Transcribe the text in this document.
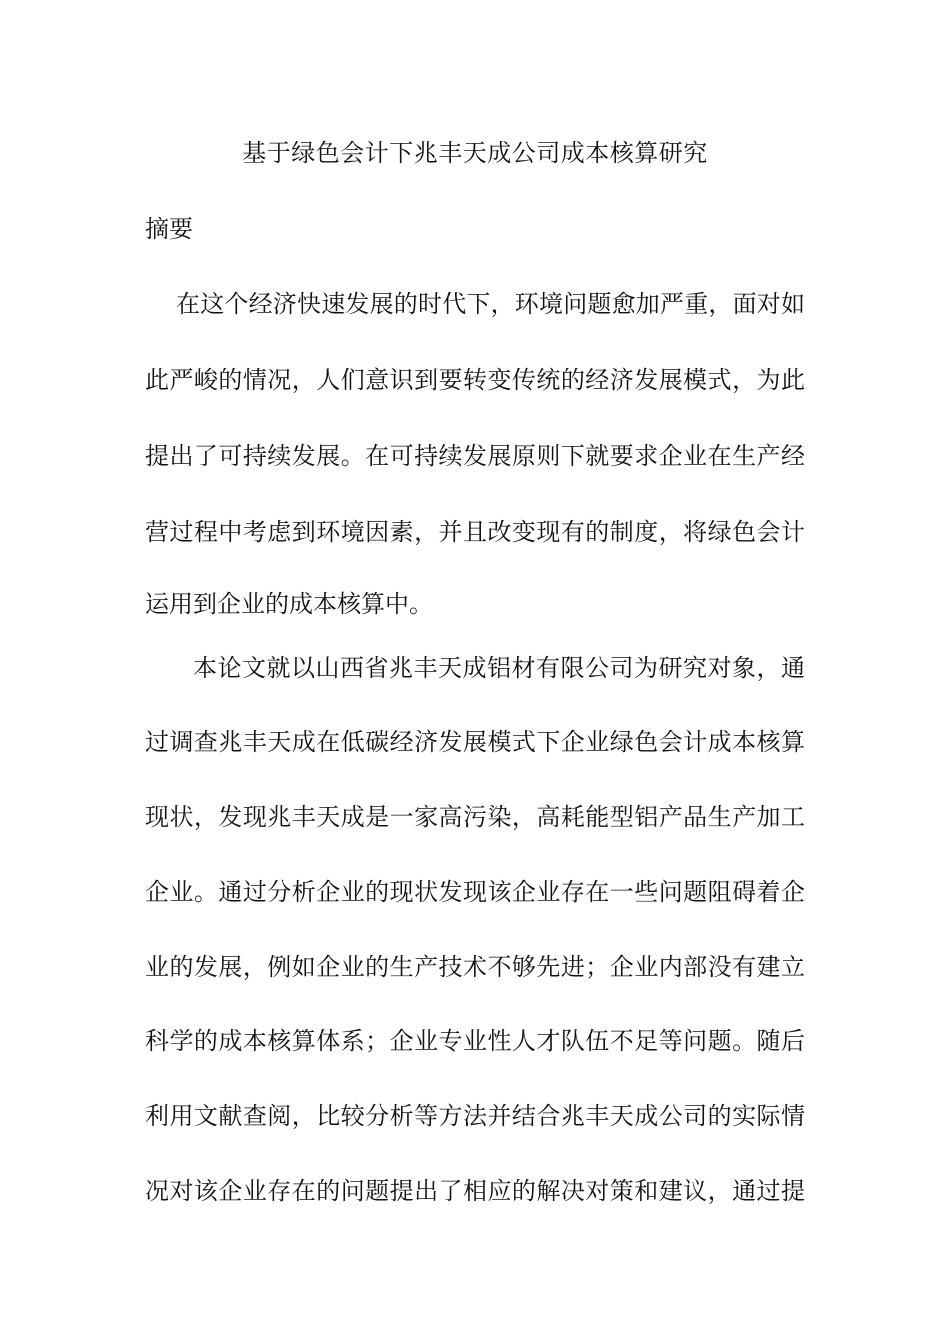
基于绿色会计下兆丰天成公司成本核算研究
摘要
在这个经济快速发展的时代下，环境问题愈加严重，面对如
此严峻的情况，人们意识到要转变传统的经济发展模式，为此
提出了可持续发展。在可持续发展原则下就要求企业在生产经
营过程中考虑到环境因素，并且改变现有的制度，将绿色会计
运用到企业的成本核算中。
本论文就以山西省兆丰天成铝材有限公司为研究对象，通
过调查兆丰天成在低碳经济发展模式下企业绿色会计成本核算
现状，发现兆丰天成是一家高污染，高耗能型铝产品生产加工
企业。通过分析企业的现状发现该企业存在一些问题阻碍着企
业的发展，例如企业的生产技术不够先进；企业内部没有建立
科学的成本核算体系；企业专业性人才队伍不足等问题。随后
利用文献查阅，比较分析等方法并结合兆丰天成公司的实际情
况对该企业存在的问题提出了相应的解决对策和建议，通过提
